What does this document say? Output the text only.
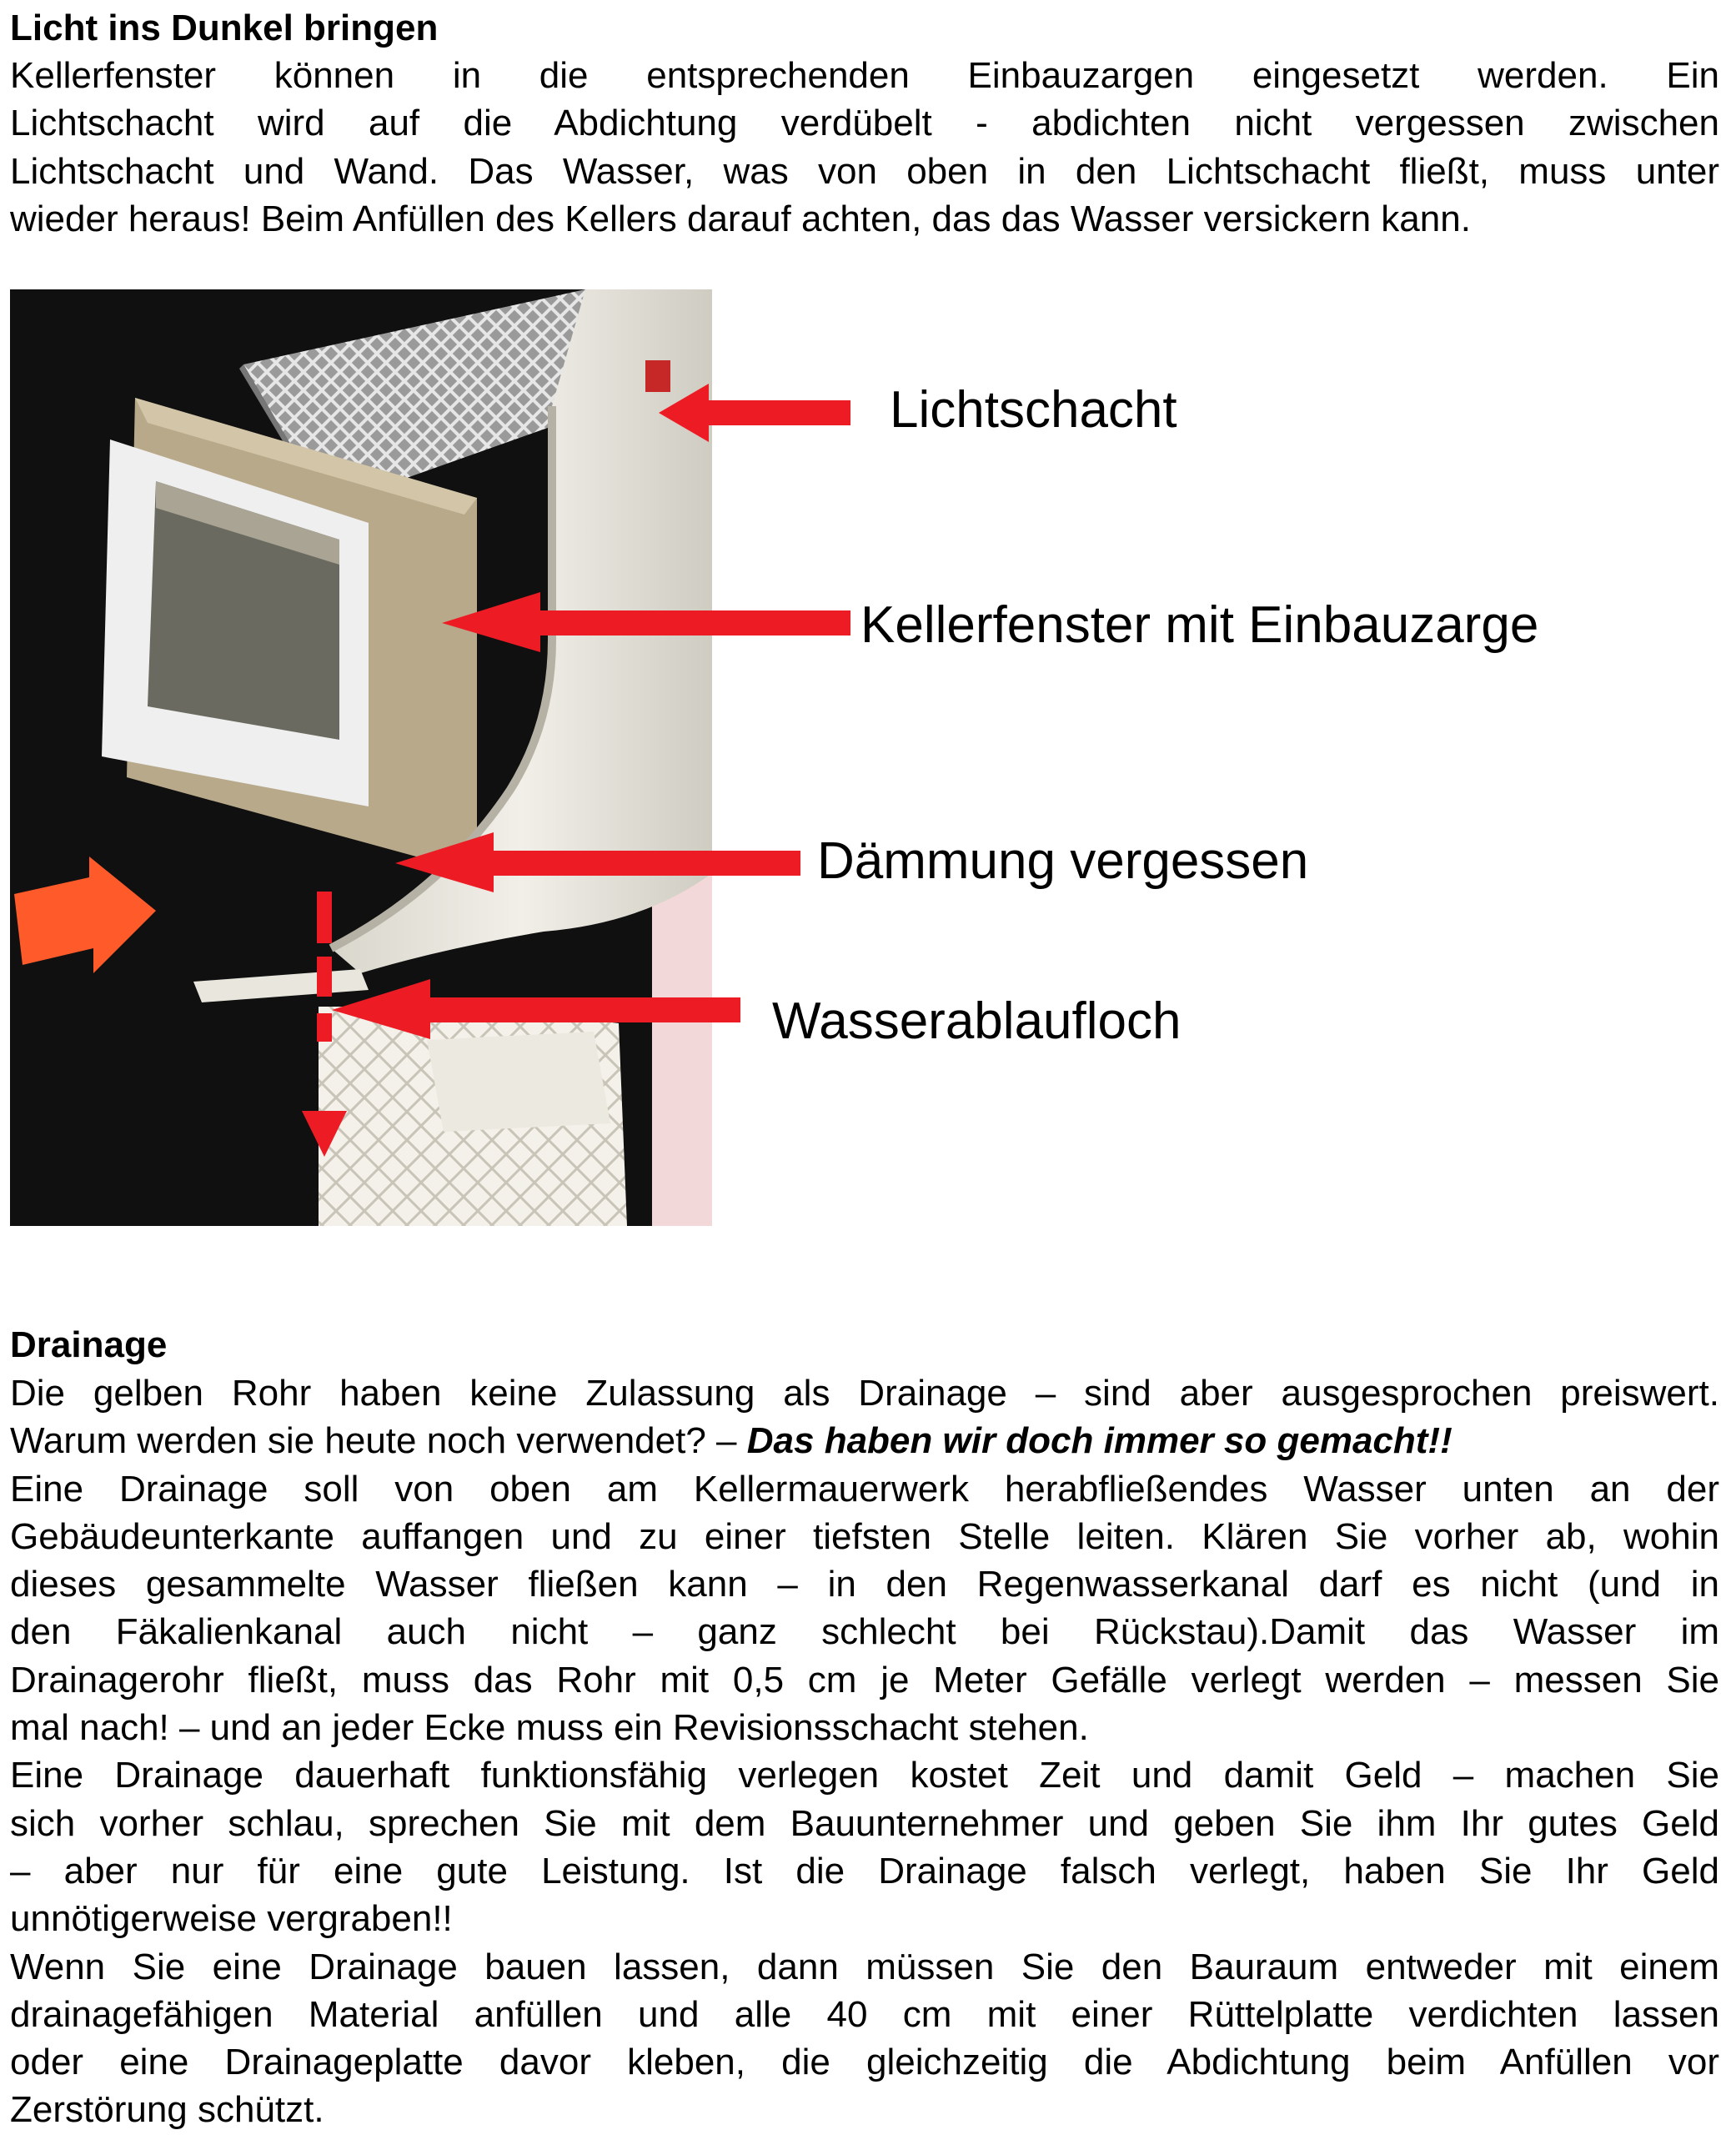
Licht ins Dunkel bringen
Kellerfenster können in die entsprechenden Einbauzargen eingesetzt werden. Ein
Lichtschacht wird auf die Abdichtung verdübelt - abdichten nicht vergessen zwischen
Lichtschacht und Wand. Das Wasser, was von oben in den Lichtschacht fließt, muss unter
wieder heraus! Beim Anfüllen des Kellers darauf achten, das das Wasser versickern kann.
Lichtschacht
Kellerfenster mit Einbauzarge
Dämmung vergessen
Wasserablaufloch
Drainage
Die gelben Rohr haben keine Zulassung als Drainage – sind aber ausgesprochen preiswert.
Warum werden sie heute noch verwendet? – Das haben wir doch immer so gemacht!!
Eine Drainage soll von oben am Kellermauerwerk herabfließendes Wasser unten an der
Gebäudeunterkante auffangen und zu einer tiefsten Stelle leiten. Klären Sie vorher ab, wohin
dieses gesammelte Wasser fließen kann – in den Regenwasserkanal darf es nicht (und in
den Fäkalienkanal auch nicht – ganz schlecht bei Rückstau).Damit das Wasser im
Drainagerohr fließt, muss das Rohr mit 0,5 cm je Meter Gefälle verlegt werden – messen Sie
mal nach! – und an jeder Ecke muss ein Revisionsschacht stehen.
Eine Drainage dauerhaft funktionsfähig verlegen kostet Zeit und damit Geld – machen Sie
sich vorher schlau, sprechen Sie mit dem Bauunternehmer und geben Sie ihm Ihr gutes Geld
– aber nur für eine gute Leistung. Ist die Drainage falsch verlegt, haben Sie Ihr Geld
unnötigerweise vergraben!!
Wenn Sie eine Drainage bauen lassen, dann müssen Sie den Bauraum entweder mit einem
drainagefähigen Material anfüllen und alle 40 cm mit einer Rüttelplatte verdichten lassen
oder eine Drainageplatte davor kleben, die gleichzeitig die Abdichtung beim Anfüllen vor
Zerstörung schützt.
